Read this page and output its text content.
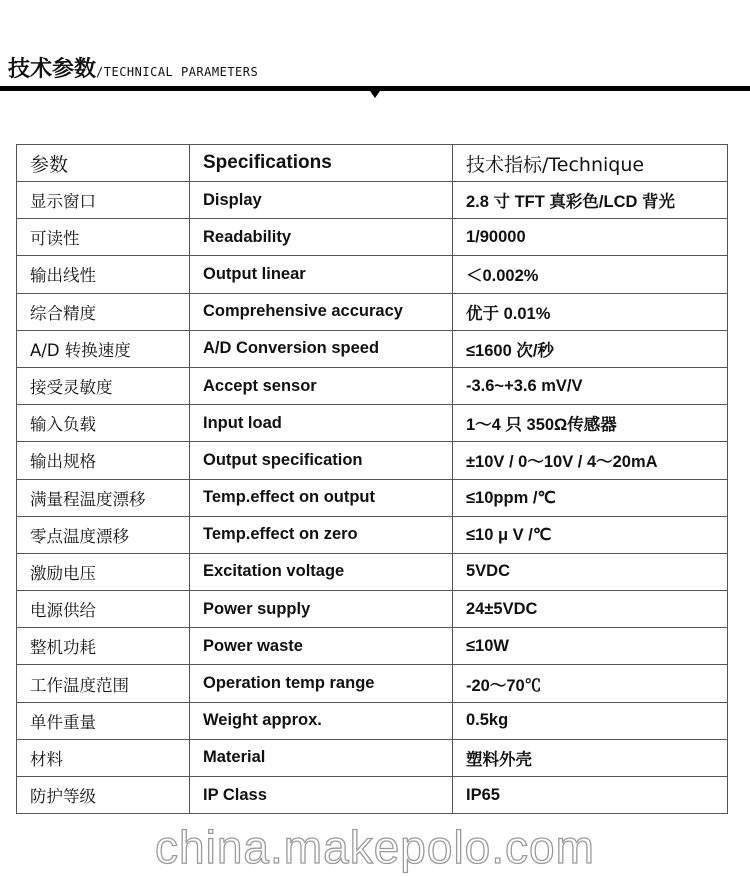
技术参数 /TECHNICAL PARAMETERS
参数	Specifications	技术指标/Technique
显示窗口	Display	2.8 寸 TFT 真彩色/LCD 背光
可读性	Readability	1/90000
输出线性	Output linear	＜0.002%
综合精度	Comprehensive accuracy	优于 0.01%
A/D 转换速度	A/D Conversion speed	≤1600 次/秒
接受灵敏度	Accept sensor	-3.6~+3.6 mV/V
输入负载	Input load	1～4 只 350Ω传感器
输出规格	Output specification	±10V / 0～10V / 4～20mA
满量程温度漂移	Temp.effect on output	≤10ppm /℃
零点温度漂移	Temp.effect on zero	≤10 μ V /℃
激励电压	Excitation voltage	5VDC
电源供给	Power supply	24±5VDC
整机功耗	Power waste	≤10W
工作温度范围	Operation temp range	-20～70℃
单件重量	Weight approx.	0.5kg
材料	Material	塑料外壳
防护等级	IP Class	IP65
china.makepolo.com
